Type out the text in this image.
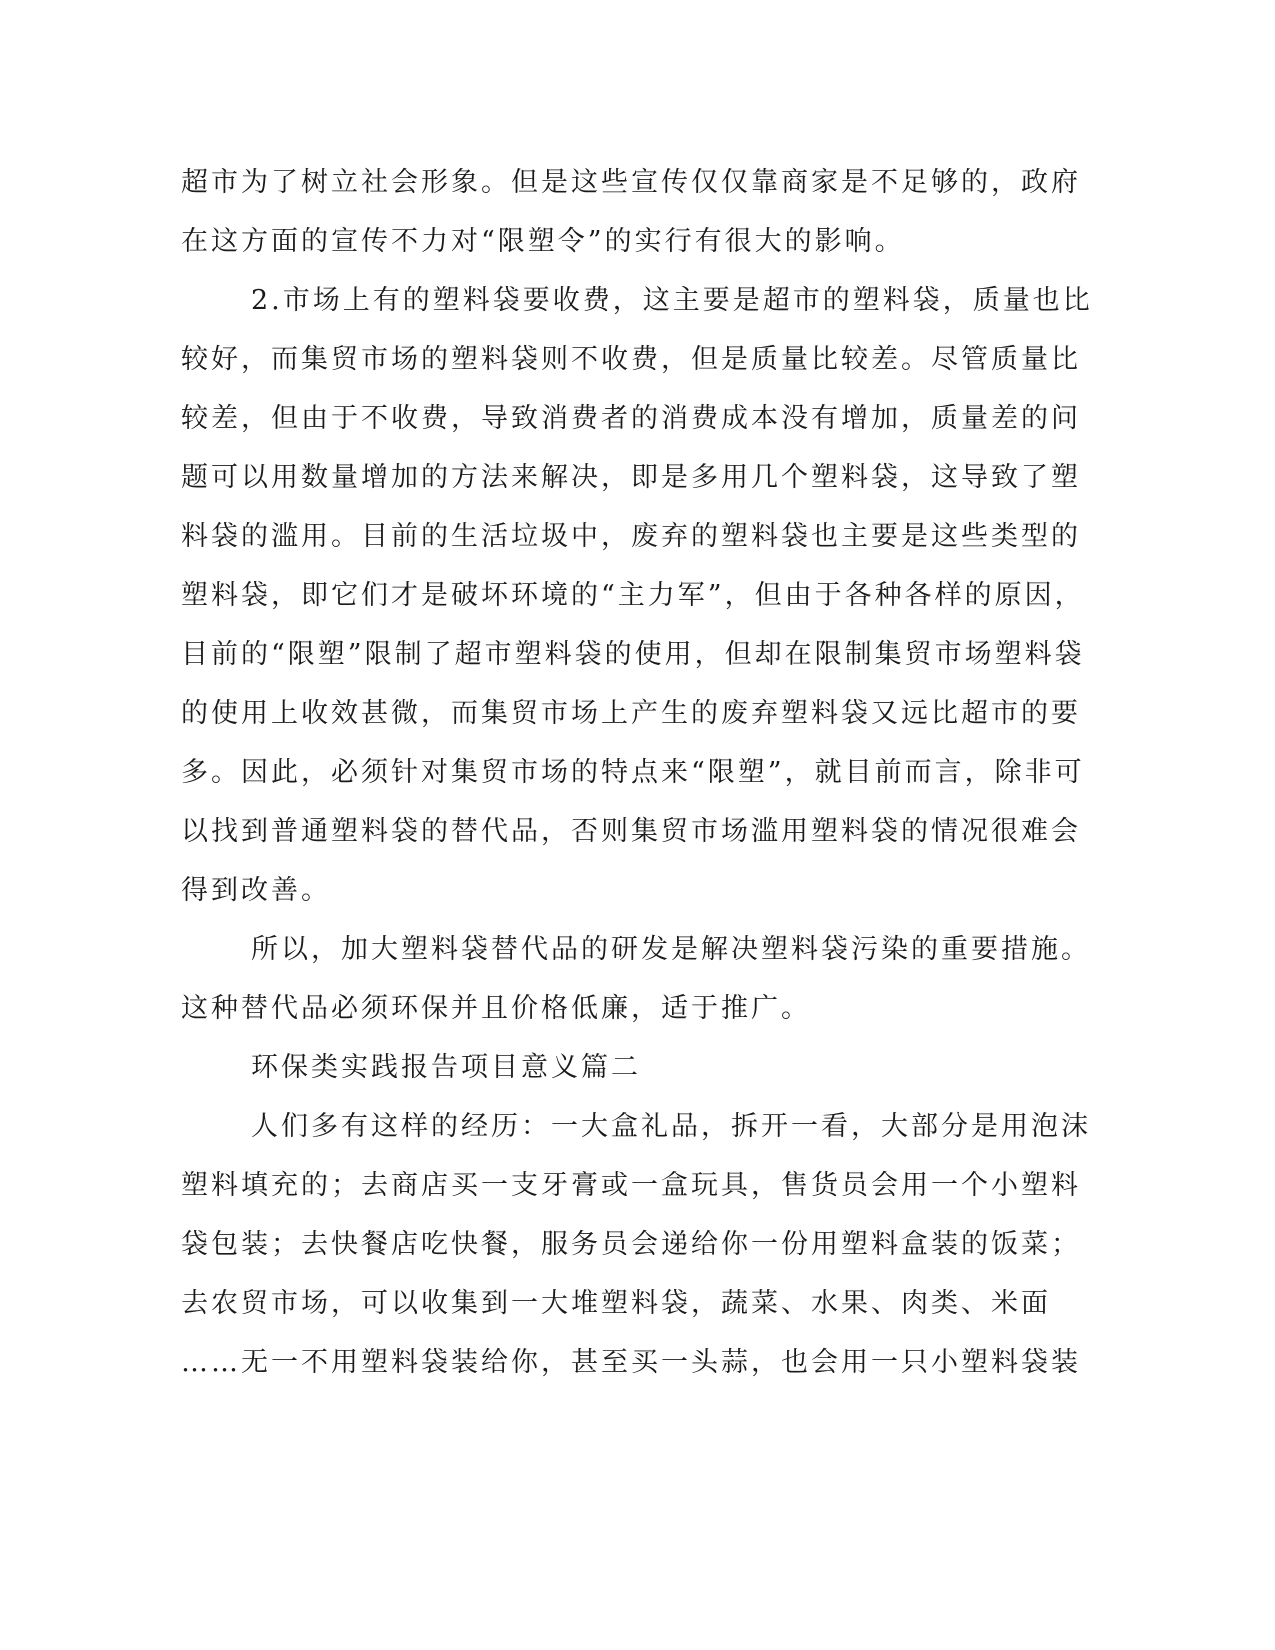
超市为了树立社会形象。但是这些宣传仅仅靠商家是不足够的，政府
在这方面的宣传不力对“限塑令”的实行有很大的影响。
2.市场上有的塑料袋要收费，这主要是超市的塑料袋，质量也比
较好，而集贸市场的塑料袋则不收费，但是质量比较差。尽管质量比
较差，但由于不收费，导致消费者的消费成本没有增加，质量差的问
题可以用数量增加的方法来解决，即是多用几个塑料袋，这导致了塑
料袋的滥用。目前的生活垃圾中，废弃的塑料袋也主要是这些类型的
塑料袋，即它们才是破坏环境的“主力军”，但由于各种各样的原因，
目前的“限塑”限制了超市塑料袋的使用，但却在限制集贸市场塑料袋
的使用上收效甚微，而集贸市场上产生的废弃塑料袋又远比超市的要
多。因此，必须针对集贸市场的特点来“限塑”，就目前而言，除非可
以找到普通塑料袋的替代品，否则集贸市场滥用塑料袋的情况很难会
得到改善。
所以，加大塑料袋替代品的研发是解决塑料袋污染的重要措施。
这种替代品必须环保并且价格低廉，适于推广。
环保类实践报告项目意义篇二
人们多有这样的经历：一大盒礼品，拆开一看，大部分是用泡沫
塑料填充的；去商店买一支牙膏或一盒玩具，售货员会用一个小塑料
袋包装；去快餐店吃快餐，服务员会递给你一份用塑料盒装的饭菜；
去农贸市场，可以收集到一大堆塑料袋，蔬菜、水果、肉类、米面
……无一不用塑料袋装给你，甚至买一头蒜，也会用一只小塑料袋装
